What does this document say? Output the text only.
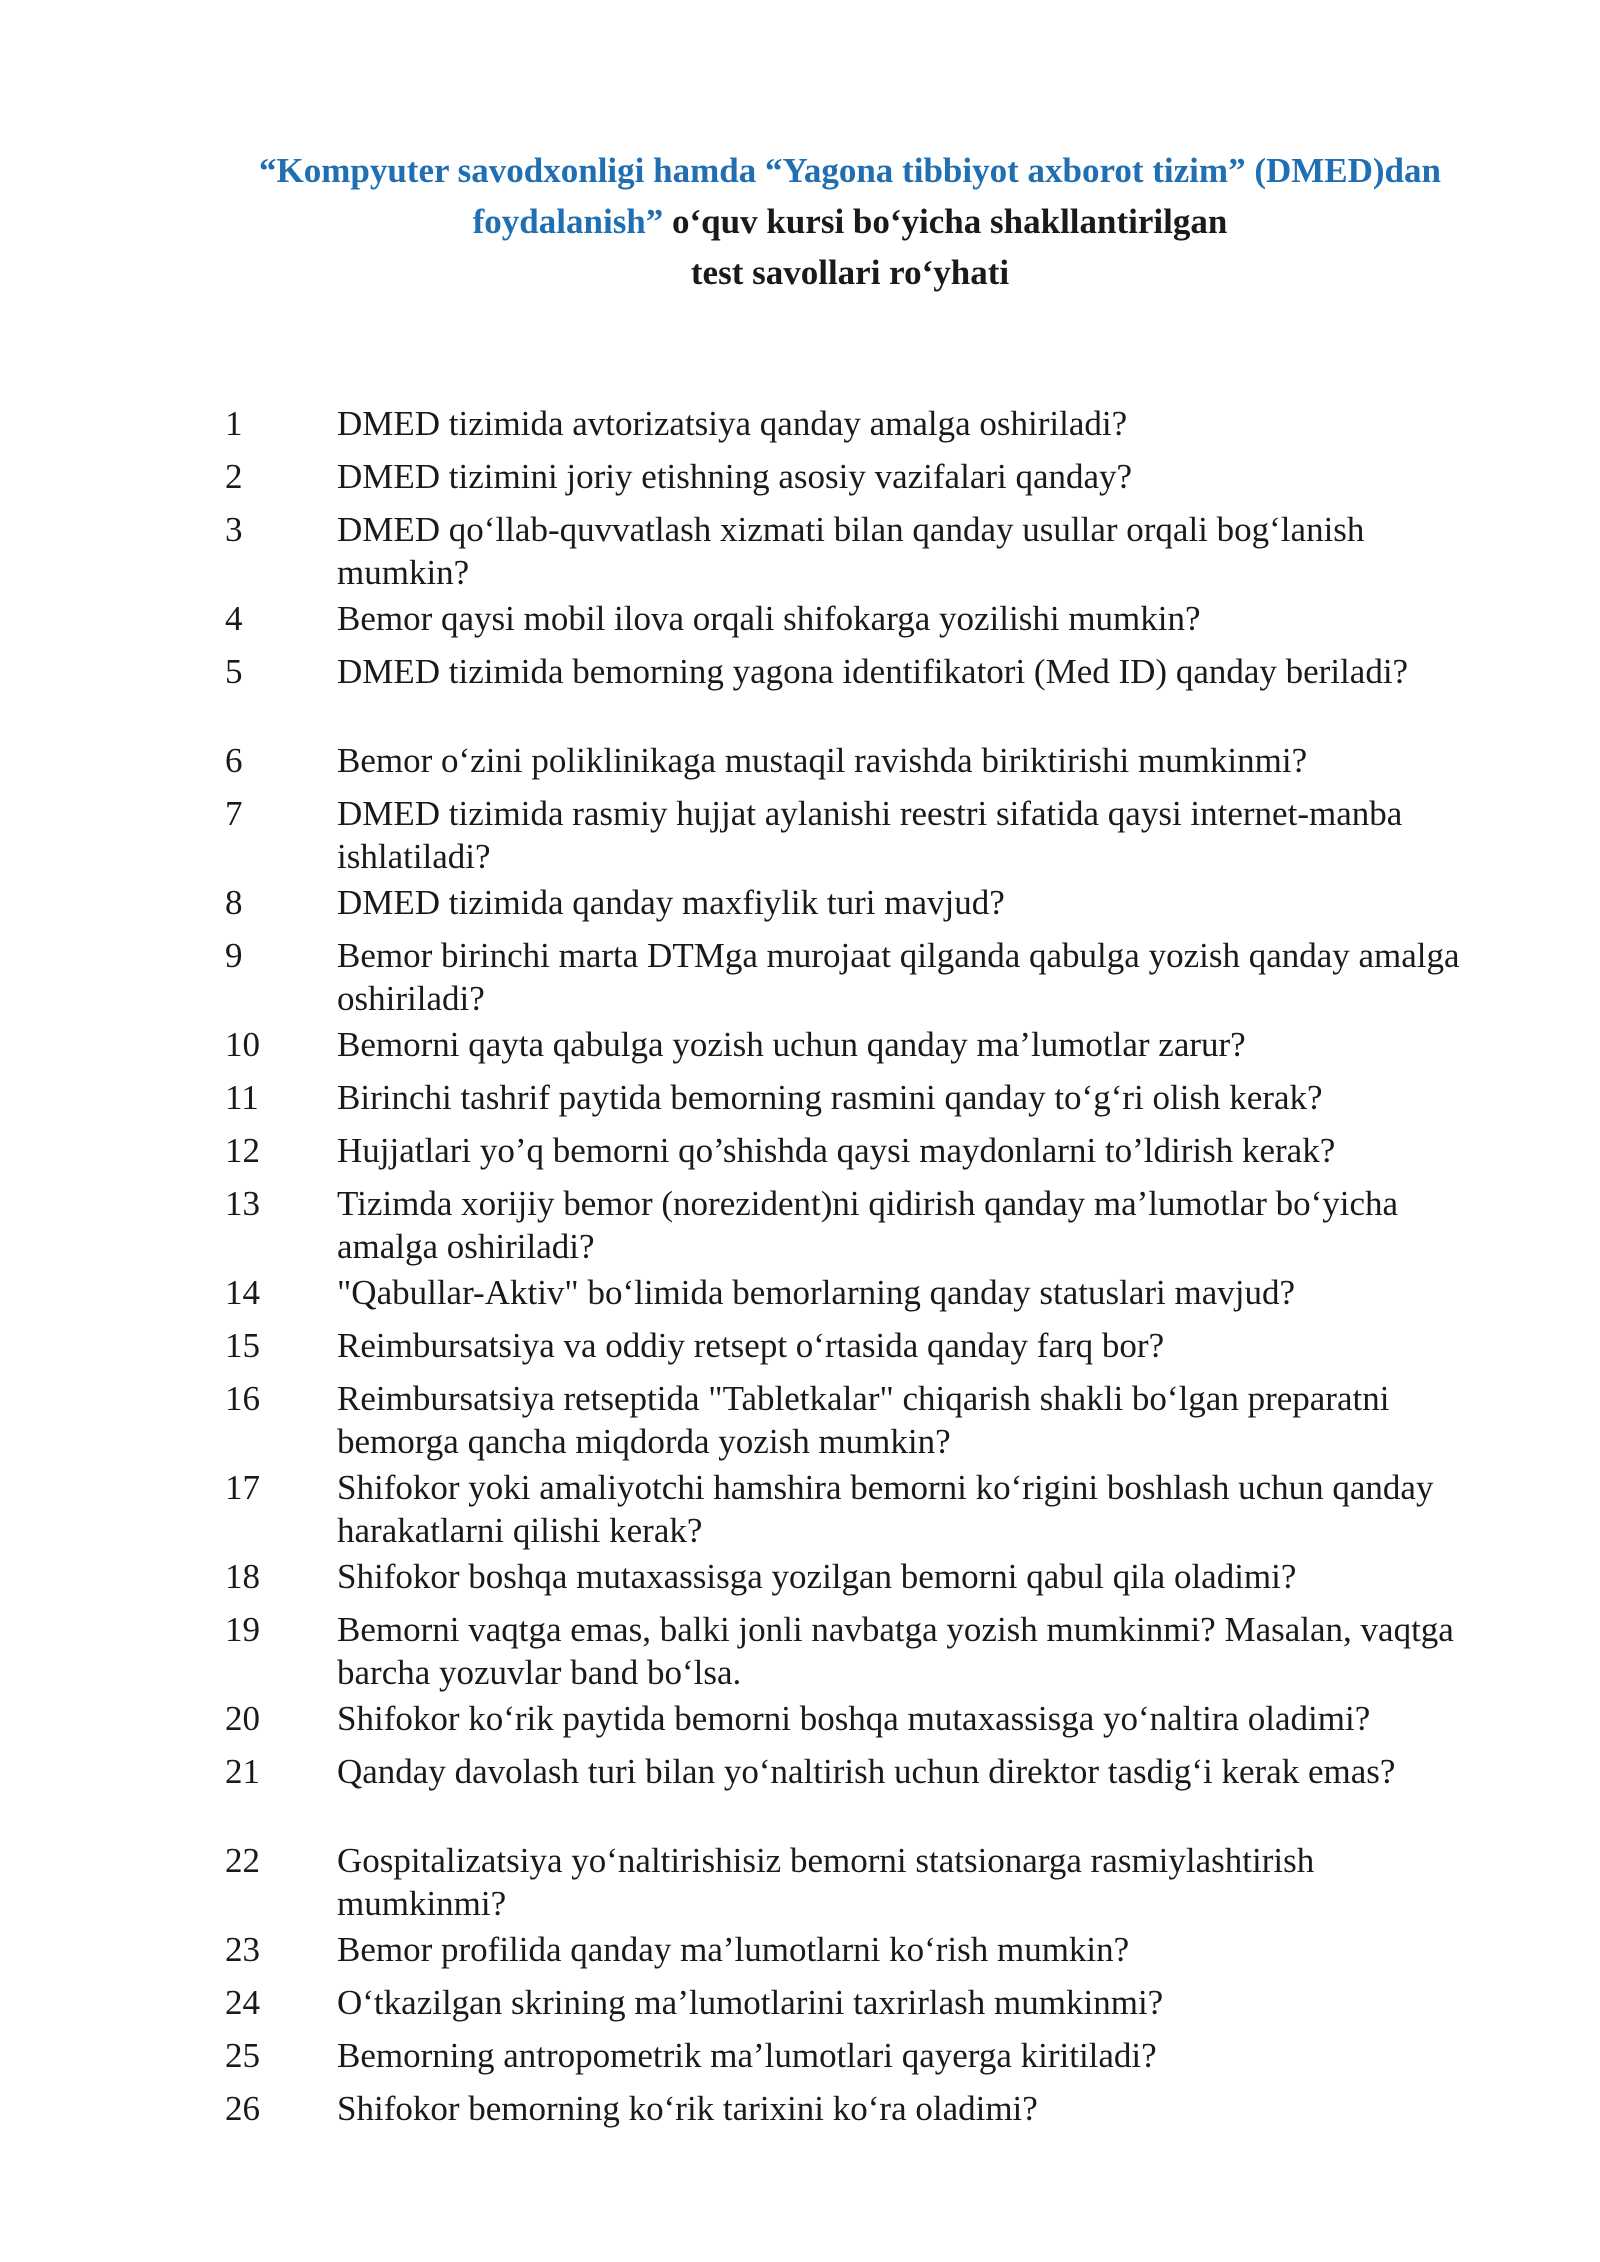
“Kompyuter savodxonligi hamda “Yagona tibbiyot axborot tizim” (DMED)dan foydalanish” o‘quv kursi bo‘yicha shakllantirilgan
test savollari ro‘yhati
1	DMED tizimida avtorizatsiya qanday amalga oshiriladi?
2	DMED tizimini joriy etishning asosiy vazifalari qanday?
3	DMED qo‘llab-quvvatlash xizmati bilan qanday usullar orqali bog‘lanish mumkin?
4	Bemor qaysi mobil ilova orqali shifokarga yozilishi mumkin?
5	DMED tizimida bemorning yagona identifikatori (Med ID) qanday beriladi?
6	Bemor o‘zini poliklinikaga mustaqil ravishda biriktirishi mumkinmi?
7	DMED tizimida rasmiy hujjat aylanishi reestri sifatida qaysi internet-manba ishlatiladi?
8	DMED tizimida qanday maxfiylik turi mavjud?
9	Bemor birinchi marta DTMga murojaat qilganda qabulga yozish qanday amalga oshiriladi?
10	Bemorni qayta qabulga yozish uchun qanday ma’lumotlar zarur?
11	Birinchi tashrif paytida bemorning rasmini qanday to‘g‘ri olish kerak?
12	Hujjatlari yo’q bemorni qo’shishda qaysi maydonlarni to’ldirish kerak?
13	Tizimda xorijiy bemor (norezident)ni qidirish qanday ma’lumotlar bo‘yicha amalga oshiriladi?
14	"Qabullar-Aktiv" bo‘limida bemorlarning qanday statuslari mavjud?
15	Reimbursatsiya va oddiy retsept o‘rtasida qanday farq bor?
16	Reimbursatsiya retseptida "Tabletkalar" chiqarish shakli bo‘lgan preparatni bemorga qancha miqdorda yozish mumkin?
17	Shifokor yoki amaliyotchi hamshira bemorni ko‘rigini boshlash uchun qanday harakatlarni qilishi kerak?
18	Shifokor boshqa mutaxassisga yozilgan bemorni qabul qila oladimi?
19	Bemorni vaqtga emas, balki jonli navbatga yozish mumkinmi? Masalan, vaqtga barcha yozuvlar band bo‘lsa.
20	Shifokor ko‘rik paytida bemorni boshqa mutaxassisga yo‘naltira oladimi?
21	Qanday davolash turi bilan yo‘naltirish uchun direktor tasdig‘i kerak emas?
22	Gospitalizatsiya yo‘naltirishisiz bemorni statsionarga rasmiylashtirish mumkinmi?
23	Bemor profilida qanday ma’lumotlarni ko‘rish mumkin?
24	O‘tkazilgan skrining ma’lumotlarini taxrirlash mumkinmi?
25	Bemorning antropometrik ma’lumotlari qayerga kiritiladi?
26	Shifokor bemorning ko‘rik tarixini ko‘ra oladimi?
